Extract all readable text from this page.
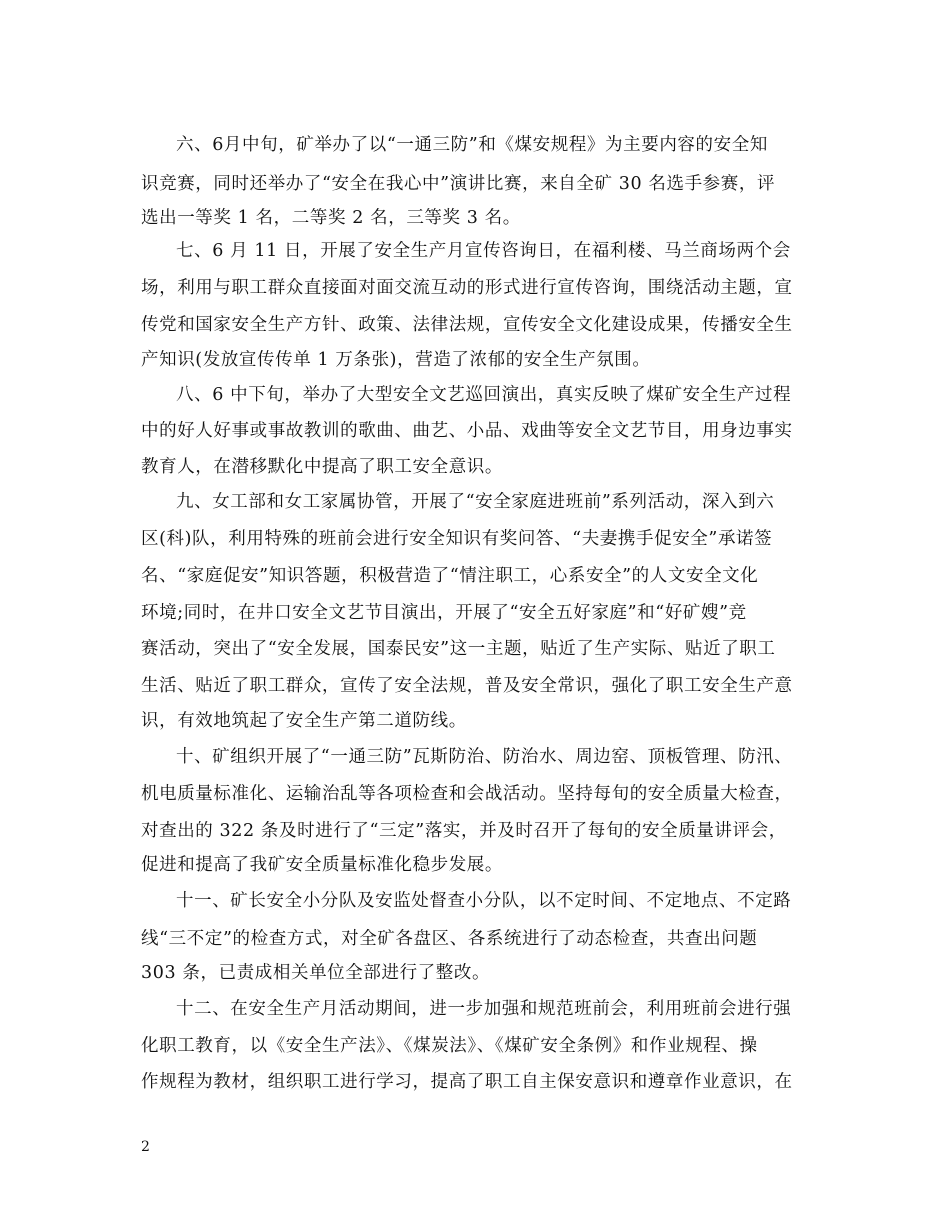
六、6月中旬，矿举办了以“一通三防”和《煤安规程》为主要内容的安全知
识竞赛，同时还举办了“安全在我心中”演讲比赛，来自全矿 30 名选手参赛，评
选出一等奖 1 名，二等奖 2 名，三等奖 3 名。
七、6 月 11 日，开展了安全生产月宣传咨询日，在福利楼、马兰商场两个会
场，利用与职工群众直接面对面交流互动的形式进行宣传咨询，围绕活动主题，宣
传党和国家安全生产方针、政策、法律法规，宣传安全文化建设成果，传播安全生
产知识(发放宣传传单 1 万条张)，营造了浓郁的安全生产氛围。
八、6 中下旬，举办了大型安全文艺巡回演出，真实反映了煤矿安全生产过程
中的好人好事或事故教训的歌曲、曲艺、小品、戏曲等安全文艺节目，用身边事实
教育人，在潜移默化中提高了职工安全意识。
九、女工部和女工家属协管，开展了“安全家庭进班前”系列活动，深入到六
区(科)队，利用特殊的班前会进行安全知识有奖问答、“夫妻携手促安全”承诺签
名、“家庭促安”知识答题，积极营造了“情注职工，心系安全”的人文安全文化
环境;同时，在井口安全文艺节目演出，开展了“安全五好家庭”和“好矿嫂”竞
赛活动，突出了“安全发展，国泰民安”这一主题，贴近了生产实际、贴近了职工
生活、贴近了职工群众，宣传了安全法规，普及安全常识，强化了职工安全生产意
识，有效地筑起了安全生产第二道防线。
十、矿组织开展了“一通三防”瓦斯防治、防治水、周边窑、顶板管理、防汛、
机电质量标准化、运输治乱等各项检查和会战活动。坚持每旬的安全质量大检查，
对查出的 322 条及时进行了“三定”落实，并及时召开了每旬的安全质量讲评会，
促进和提高了我矿安全质量标准化稳步发展。
十一、矿长安全小分队及安监处督查小分队，以不定时间、不定地点、不定路
线“三不定”的检查方式，对全矿各盘区、各系统进行了动态检查，共查出问题
303 条，已责成相关单位全部进行了整改。
十二、在安全生产月活动期间，进一步加强和规范班前会，利用班前会进行强
化职工教育，以《安全生产法》、《煤炭法》、《煤矿安全条例》和作业规程、操
作规程为教材，组织职工进行学习，提高了职工自主保安意识和遵章作业意识，在
2
